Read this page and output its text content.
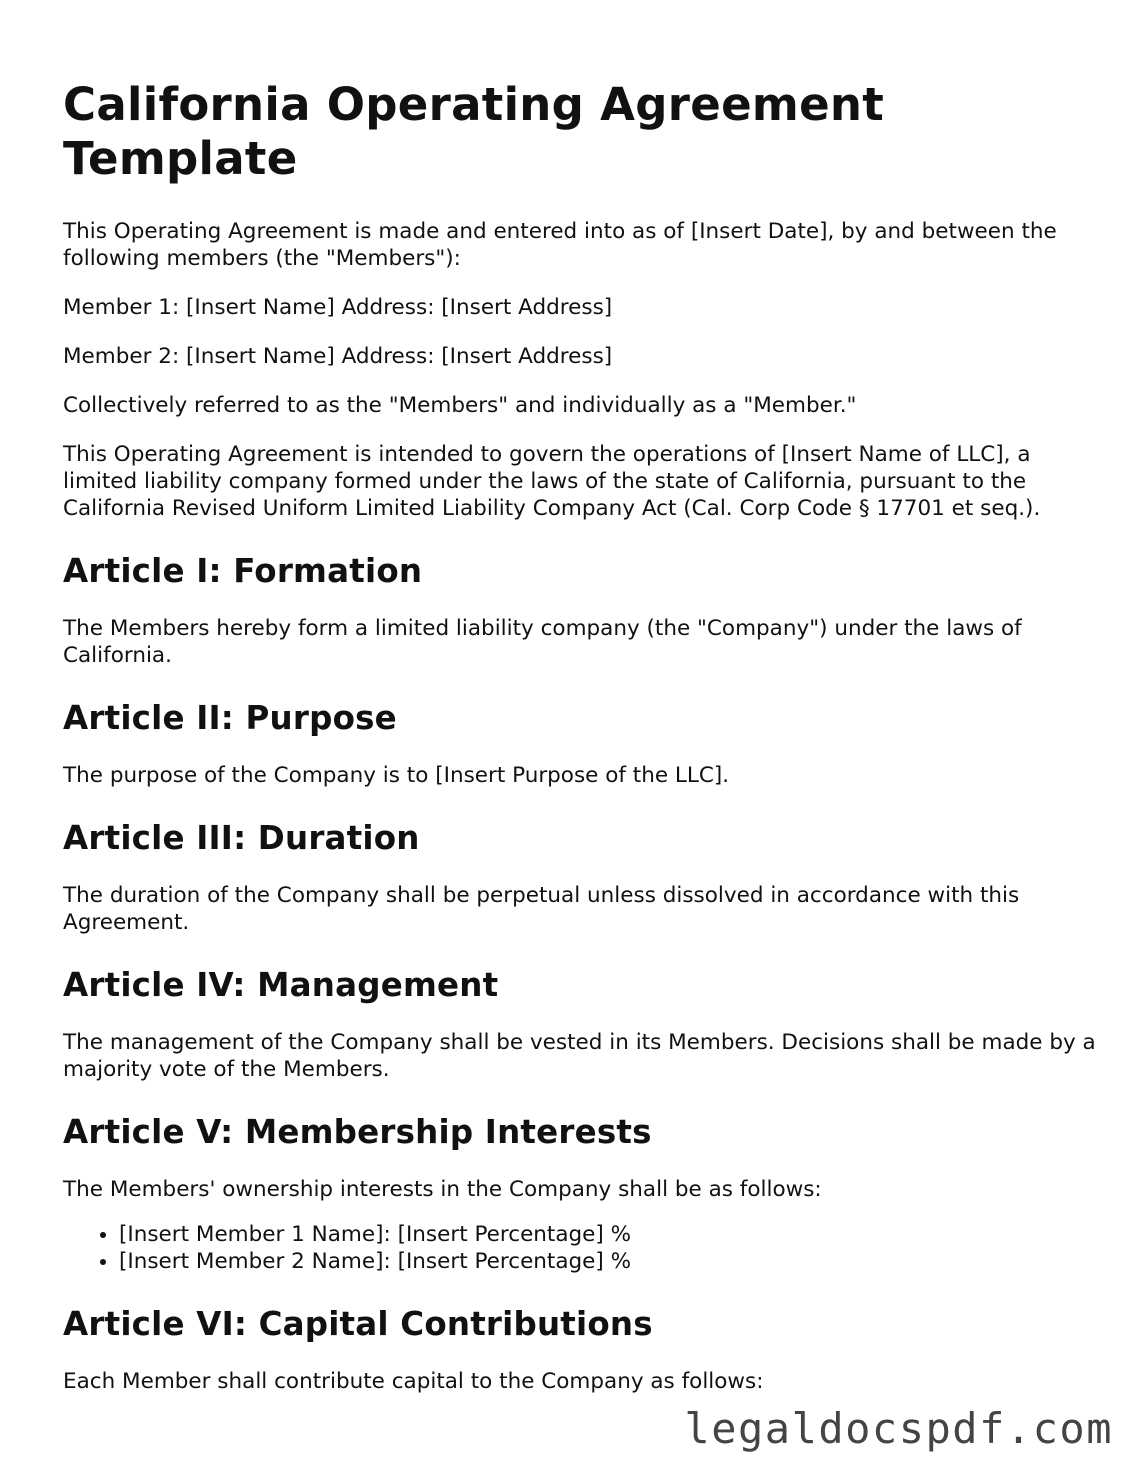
California Operating Agreement Template

This Operating Agreement is made and entered into as of [Insert Date], by and between the following members (the "Members"):

Member 1: [Insert Name] Address: [Insert Address]

Member 2: [Insert Name] Address: [Insert Address]

Collectively referred to as the "Members" and individually as a "Member."

This Operating Agreement is intended to govern the operations of [Insert Name of LLC], a limited liability company formed under the laws of the state of California, pursuant to the California Revised Uniform Limited Liability Company Act (Cal. Corp Code § 17701 et seq.).

Article I: Formation

The Members hereby form a limited liability company (the "Company") under the laws of California.

Article II: Purpose

The purpose of the Company is to [Insert Purpose of the LLC].

Article III: Duration

The duration of the Company shall be perpetual unless dissolved in accordance with this Agreement.

Article IV: Management

The management of the Company shall be vested in its Members. Decisions shall be made by a majority vote of the Members.

Article V: Membership Interests

The Members' ownership interests in the Company shall be as follows:

• [Insert Member 1 Name]: [Insert Percentage] %
• [Insert Member 2 Name]: [Insert Percentage] %
Article VI: Capital Contributions

Each Member shall contribute capital to the Company as follows:

legaldocspdf.com
